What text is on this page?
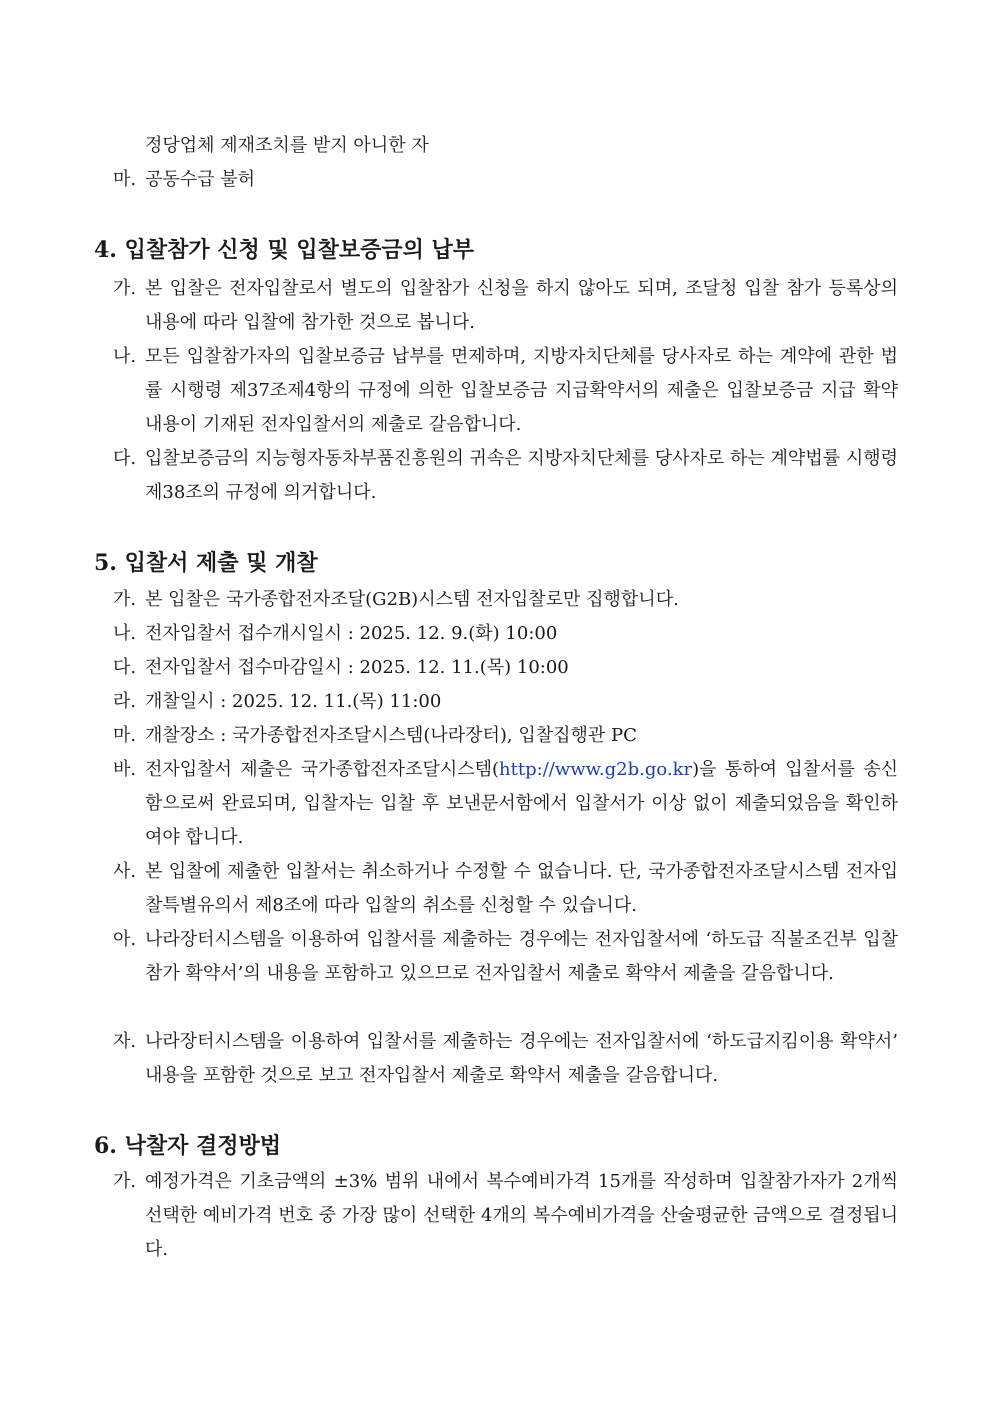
정당업체 제재조치를 받지 아니한 자
마. 공동수급 불허
4. 입찰참가 신청 및 입찰보증금의 납부
가. 본 입찰은 전자입찰로서 별도의 입찰참가 신청을 하지 않아도 되며, 조달청 입찰 참가 등록상의 내용에 따라 입찰에 참가한 것으로 봅니다.
나. 모든 입찰참가자의 입찰보증금 납부를 면제하며, 지방자치단체를 당사자로 하는 계약에 관한 법률 시행령 제37조제4항의 규정에 의한 입찰보증금 지급확약서의 제출은 입찰보증금 지급 확약 내용이 기재된 전자입찰서의 제출로 갈음합니다.
다. 입찰보증금의 지능형자동차부품진흥원의 귀속은 지방자치단체를 당사자로 하는 계약법률 시행령 제38조의 규정에 의거합니다.
5. 입찰서 제출 및 개찰
가. 본 입찰은 국가종합전자조달(G2B)시스템 전자입찰로만 집행합니다.
나. 전자입찰서 접수개시일시 : 2025. 12. 9.(화) 10:00
다. 전자입찰서 접수마감일시 : 2025. 12. 11.(목) 10:00
라. 개찰일시 : 2025. 12. 11.(목) 11:00
마. 개찰장소 : 국가종합전자조달시스템(나라장터), 입찰집행관 PC
바. 전자입찰서 제출은 국가종합전자조달시스템(http://www.g2b.go.kr)을 통하여 입찰서를 송신함으로써 완료되며, 입찰자는 입찰 후 보낸문서함에서 입찰서가 이상 없이 제출되었음을 확인하여야 합니다.
사. 본 입찰에 제출한 입찰서는 취소하거나 수정할 수 없습니다. 단, 국가종합전자조달시스템 전자입찰특별유의서 제8조에 따라 입찰의 취소를 신청할 수 있습니다.
아. 나라장터시스템을 이용하여 입찰서를 제출하는 경우에는 전자입찰서에 ‘하도급 직불조건부 입찰참가 확약서’의 내용을 포함하고 있으므로 전자입찰서 제출로 확약서 제출을 갈음합니다.
자. 나라장터시스템을 이용하여 입찰서를 제출하는 경우에는 전자입찰서에 ‘하도급지킴이용 확약서’ 내용을 포함한 것으로 보고 전자입찰서 제출로 확약서 제출을 갈음합니다.
6. 낙찰자 결정방법
가. 예정가격은 기초금액의 ±3% 범위 내에서 복수예비가격 15개를 작성하며 입찰참가자가 2개씩 선택한 예비가격 번호 중 가장 많이 선택한 4개의 복수예비가격을 산술평균한 금액으로 결정됩니다.
